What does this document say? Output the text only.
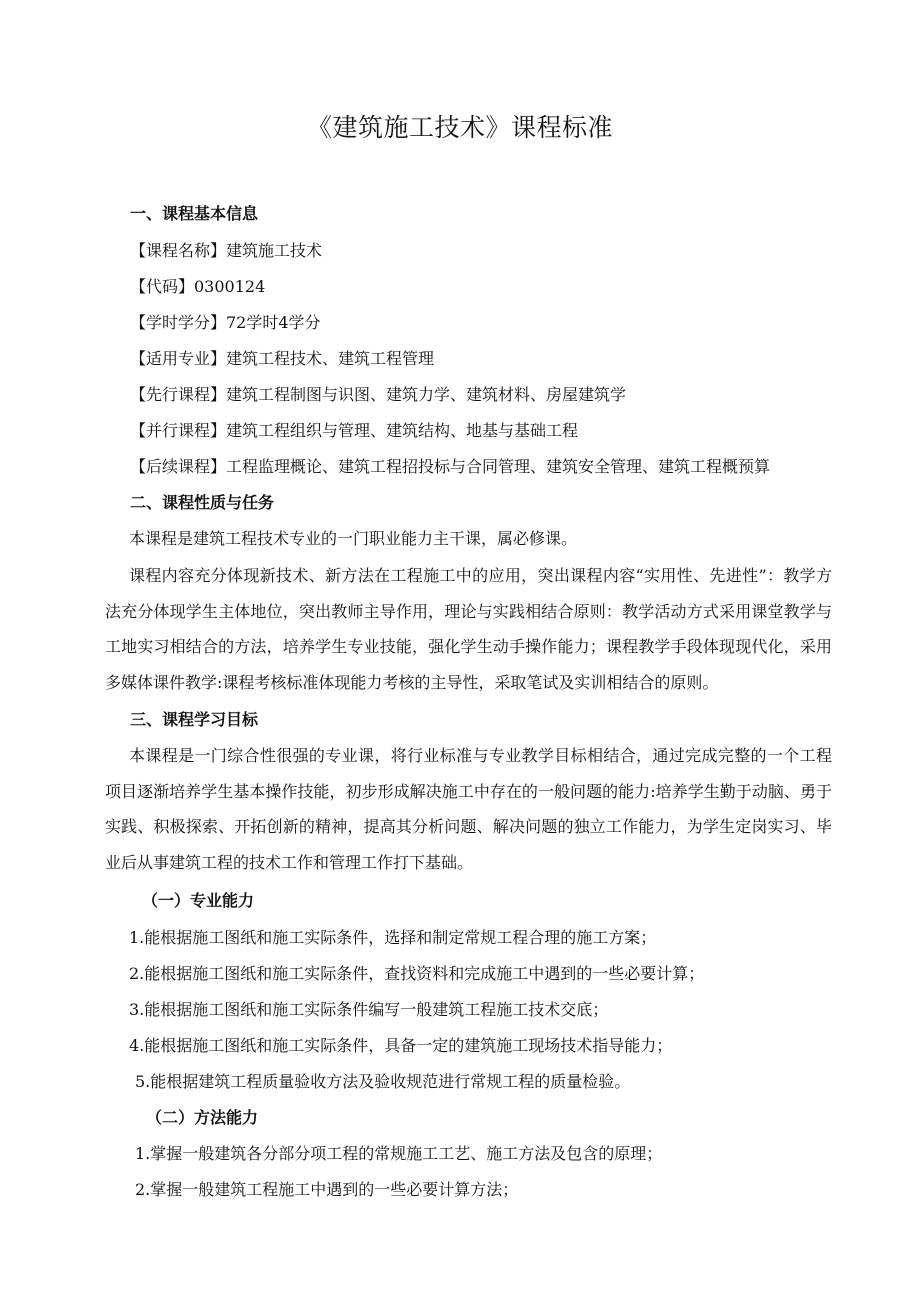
《建筑施工技术》课程标准
一、课程基本信息
【课程名称】建筑施工技术
【代码】0300124
【学时学分】72学时4学分
【适用专业】建筑工程技术、建筑工程管理
【先行课程】建筑工程制图与识图、建筑力学、建筑材料、房屋建筑学
【并行课程】建筑工程组织与管理、建筑结构、地基与基础工程
【后续课程】工程监理概论、建筑工程招投标与合同管理、建筑安全管理、建筑工程概预算
二、课程性质与任务
本课程是建筑工程技术专业的一门职业能力主干课，属必修课。
课程内容充分体现新技术、新方法在工程施工中的应用，突出课程内容“实用性、先进性”：教学方法充分体现学生主体地位，突出教师主导作用，理论与实践相结合原则：教学活动方式采用课堂教学与工地实习相结合的方法，培养学生专业技能，强化学生动手操作能力；课程教学手段体现现代化，采用多媒体课件教学:课程考核标准体现能力考核的主导性，采取笔试及实训相结合的原则。
三、课程学习目标
本课程是一门综合性很强的专业课，将行业标准与专业教学目标相结合，通过完成完整的一个工程项目逐渐培养学生基本操作技能，初步形成解决施工中存在的一般问题的能力:培养学生勤于动脑、勇于实践、积极探索、开拓创新的精神，提高其分析问题、解决问题的独立工作能力，为学生定岗实习、毕业后从事建筑工程的技术工作和管理工作打下基础。
（一）专业能力
1.能根据施工图纸和施工实际条件，选择和制定常规工程合理的施工方案；
2.能根据施工图纸和施工实际条件，查找资料和完成施工中遇到的一些必要计算；
3.能根据施工图纸和施工实际条件编写一般建筑工程施工技术交底；
4.能根据施工图纸和施工实际条件，具备一定的建筑施工现场技术指导能力；
5.能根据建筑工程质量验收方法及验收规范进行常规工程的质量检验。
（二）方法能力
1.掌握一般建筑各分部分项工程的常规施工工艺、施工方法及包含的原理；
2.掌握一般建筑工程施工中遇到的一些必要计算方法；
